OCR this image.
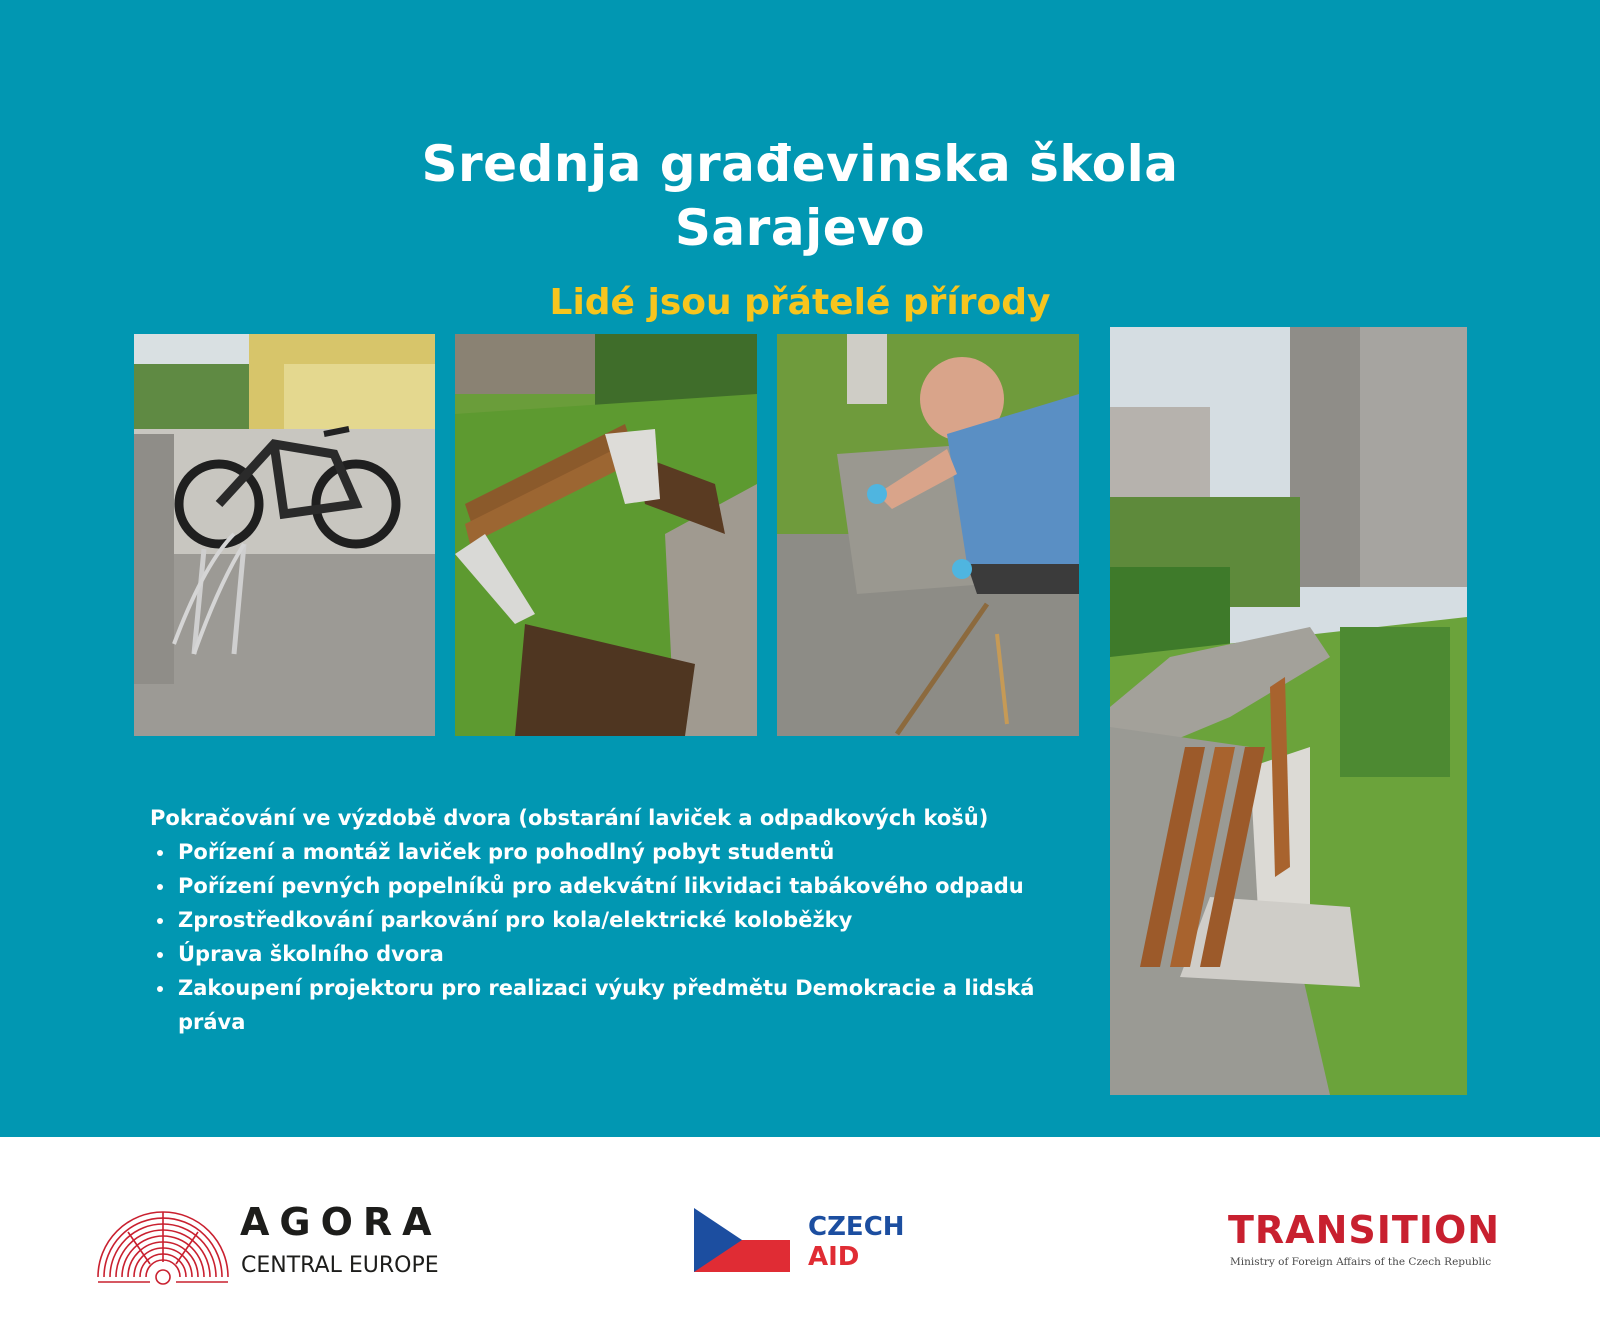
Srednja građevinska škola
Sarajevo
Lidé jsou přátelé přírody
Pokračování ve výzdobě dvora (obstarání laviček a odpadkových košů)
• Pořízení a montáž laviček pro pohodlný pobyt studentů
• Pořízení pevných popelníků pro adekvátní likvidaci tabákového odpadu
• Zprostředkování parkování pro kola/elektrické koloběžky
• Úprava školního dvora
• Zakoupení projektoru pro realizaci výuky předmětu Demokracie a lidská práva
AGORA
CENTRAL EUROPE
CZECH
AID
TRANSITION
Ministry of Foreign Affairs of the Czech Republic
